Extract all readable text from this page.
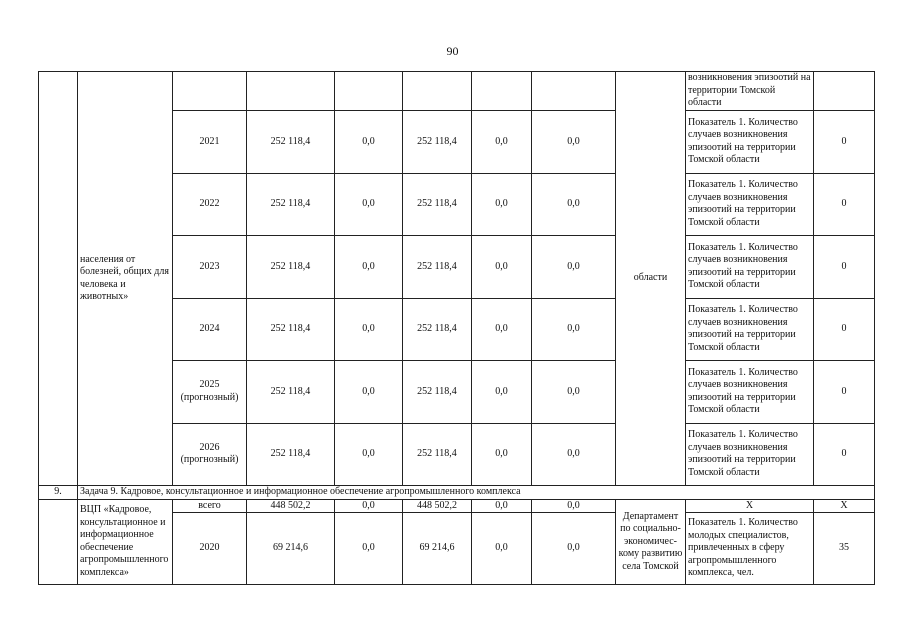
90
	населения от болезней, общих для человека и животных»							области	возникновения эпизоотий на территории Томской области	
		2021	252 118,4	0,0	252 118,4	0,0	0,0		Показатель 1. Количество случаев возникновения эпизоотий на территории Томской области	0
		2022	252 118,4	0,0	252 118,4	0,0	0,0		Показатель 1. Количество случаев возникновения эпизоотий на территории Томской области	0
		2023	252 118,4	0,0	252 118,4	0,0	0,0		Показатель 1. Количество случаев возникновения эпизоотий на территории Томской области	0
		2024	252 118,4	0,0	252 118,4	0,0	0,0		Показатель 1. Количество случаев возникновения эпизоотий на территории Томской области	0
		2025 (прогнозный)	252 118,4	0,0	252 118,4	0,0	0,0		Показатель 1. Количество случаев возникновения эпизоотий на территории Томской области	0
		2026 (прогнозный)	252 118,4	0,0	252 118,4	0,0	0,0		Показатель 1. Количество случаев возникновения эпизоотий на территории Томской области	0
9.	Задача 9. Кадровое, консультационное и информационное обеспечение агропромышленного комплекса									
	ВЦП «Кадровое, консультационное и информационное обеспечение агропромышленного комплекса»	всего	448 502,2	0,0	448 502,2	0,0	0,0	Департамент по социально-экономическому развитию села Томской	Х	Х
		2020	69 214,6	0,0	69 214,6	0,0	0,0		Показатель 1. Количество молодых специалистов, привлеченных в сферу агропромышленного комплекса, чел.	35
